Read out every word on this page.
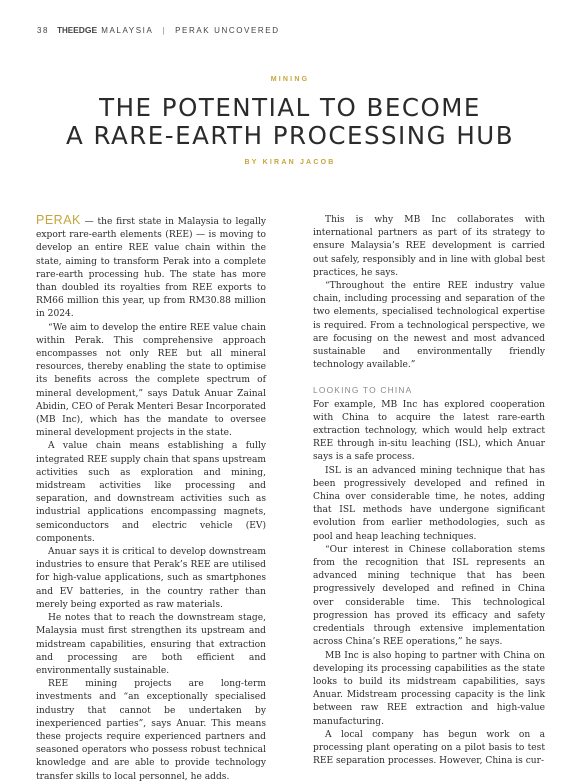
38 THEEDGE MALAYSIA | PERAK UNCOVERED
MINING
THE POTENTIAL TO BECOME
A RARE-EARTH PROCESSING HUB
BY KIRAN JACOB

PERAK — the first state in Malaysia to legally export rare-earth elements (REE) — is moving to develop an entire REE value chain within the state, aiming to transform Perak into a complete rare-earth processing hub. The state has more than doubled its royalties from REE exports to RM66 million this year, up from RM30.88 million in 2024.

“We aim to develop the entire REE value chain within Perak. This comprehensive approach encompasses not only REE but all mineral resources, thereby enabling the state to optimise its benefits across the complete spectrum of mineral development,” says Datuk Anuar Zainal Abidin, CEO of Perak Menteri Besar Incorporated (MB Inc), which has the mandate to oversee mineral development projects in the state.

A value chain means establishing a fully integrated REE supply chain that spans upstream activities such as exploration and mining, midstream activities like processing and separation, and downstream activities such as industrial applications encompassing magnets, semiconductors and electric vehicle (EV) components.

Anuar says it is critical to develop downstream industries to ensure that Perak’s REE are utilised for high-value applications, such as smartphones and EV batteries, in the country rather than merely being exported as raw materials.

He notes that to reach the downstream stage, Malaysia must first strengthen its upstream and midstream capabilities, ensuring that extraction and processing are both efficient and environmentally sustainable.

REE mining projects are long-term investments and “an exceptionally specialised industry that cannot be undertaken by inexperienced parties”, says Anuar. This means these projects require experienced partners and seasoned operators who possess robust technical knowledge and are able to provide technology transfer skills to local personnel, he adds.

This is why MB Inc collaborates with international partners as part of its strategy to ensure Malaysia’s REE development is carried out safely, responsibly and in line with global best practices, he says.

“Throughout the entire REE industry value chain, including processing and separation of the two elements, specialised technological expertise is required. From a technological perspective, we are focusing on the newest and most advanced sustainable and environmentally friendly technology available.”

LOOKING TO CHINA

For example, MB Inc has explored cooperation with China to acquire the latest rare-earth extraction technology, which would help extract REE through in-situ leaching (ISL), which Anuar says is a safe process.

ISL is an advanced mining technique that has been progressively developed and refined in China over considerable time, he notes, adding that ISL methods have undergone significant evolution from earlier methodologies, such as pool and heap leaching techniques.

“Our interest in Chinese collaboration stems from the recognition that ISL represents an advanced mining technique that has been progressively developed and refined in China over considerable time. This technological progression has proved its efficacy and safety credentials through extensive implementation across China’s REE operations,” he says.

MB Inc is also hoping to partner with China on developing its processing capabilities as the state looks to build its midstream capabilities, says Anuar. Midstream processing capacity is the link between raw REE extraction and high-value manufacturing.

A local company has begun work on a processing plant operating on a pilot basis to test REE separation processes. However, China is cur-
